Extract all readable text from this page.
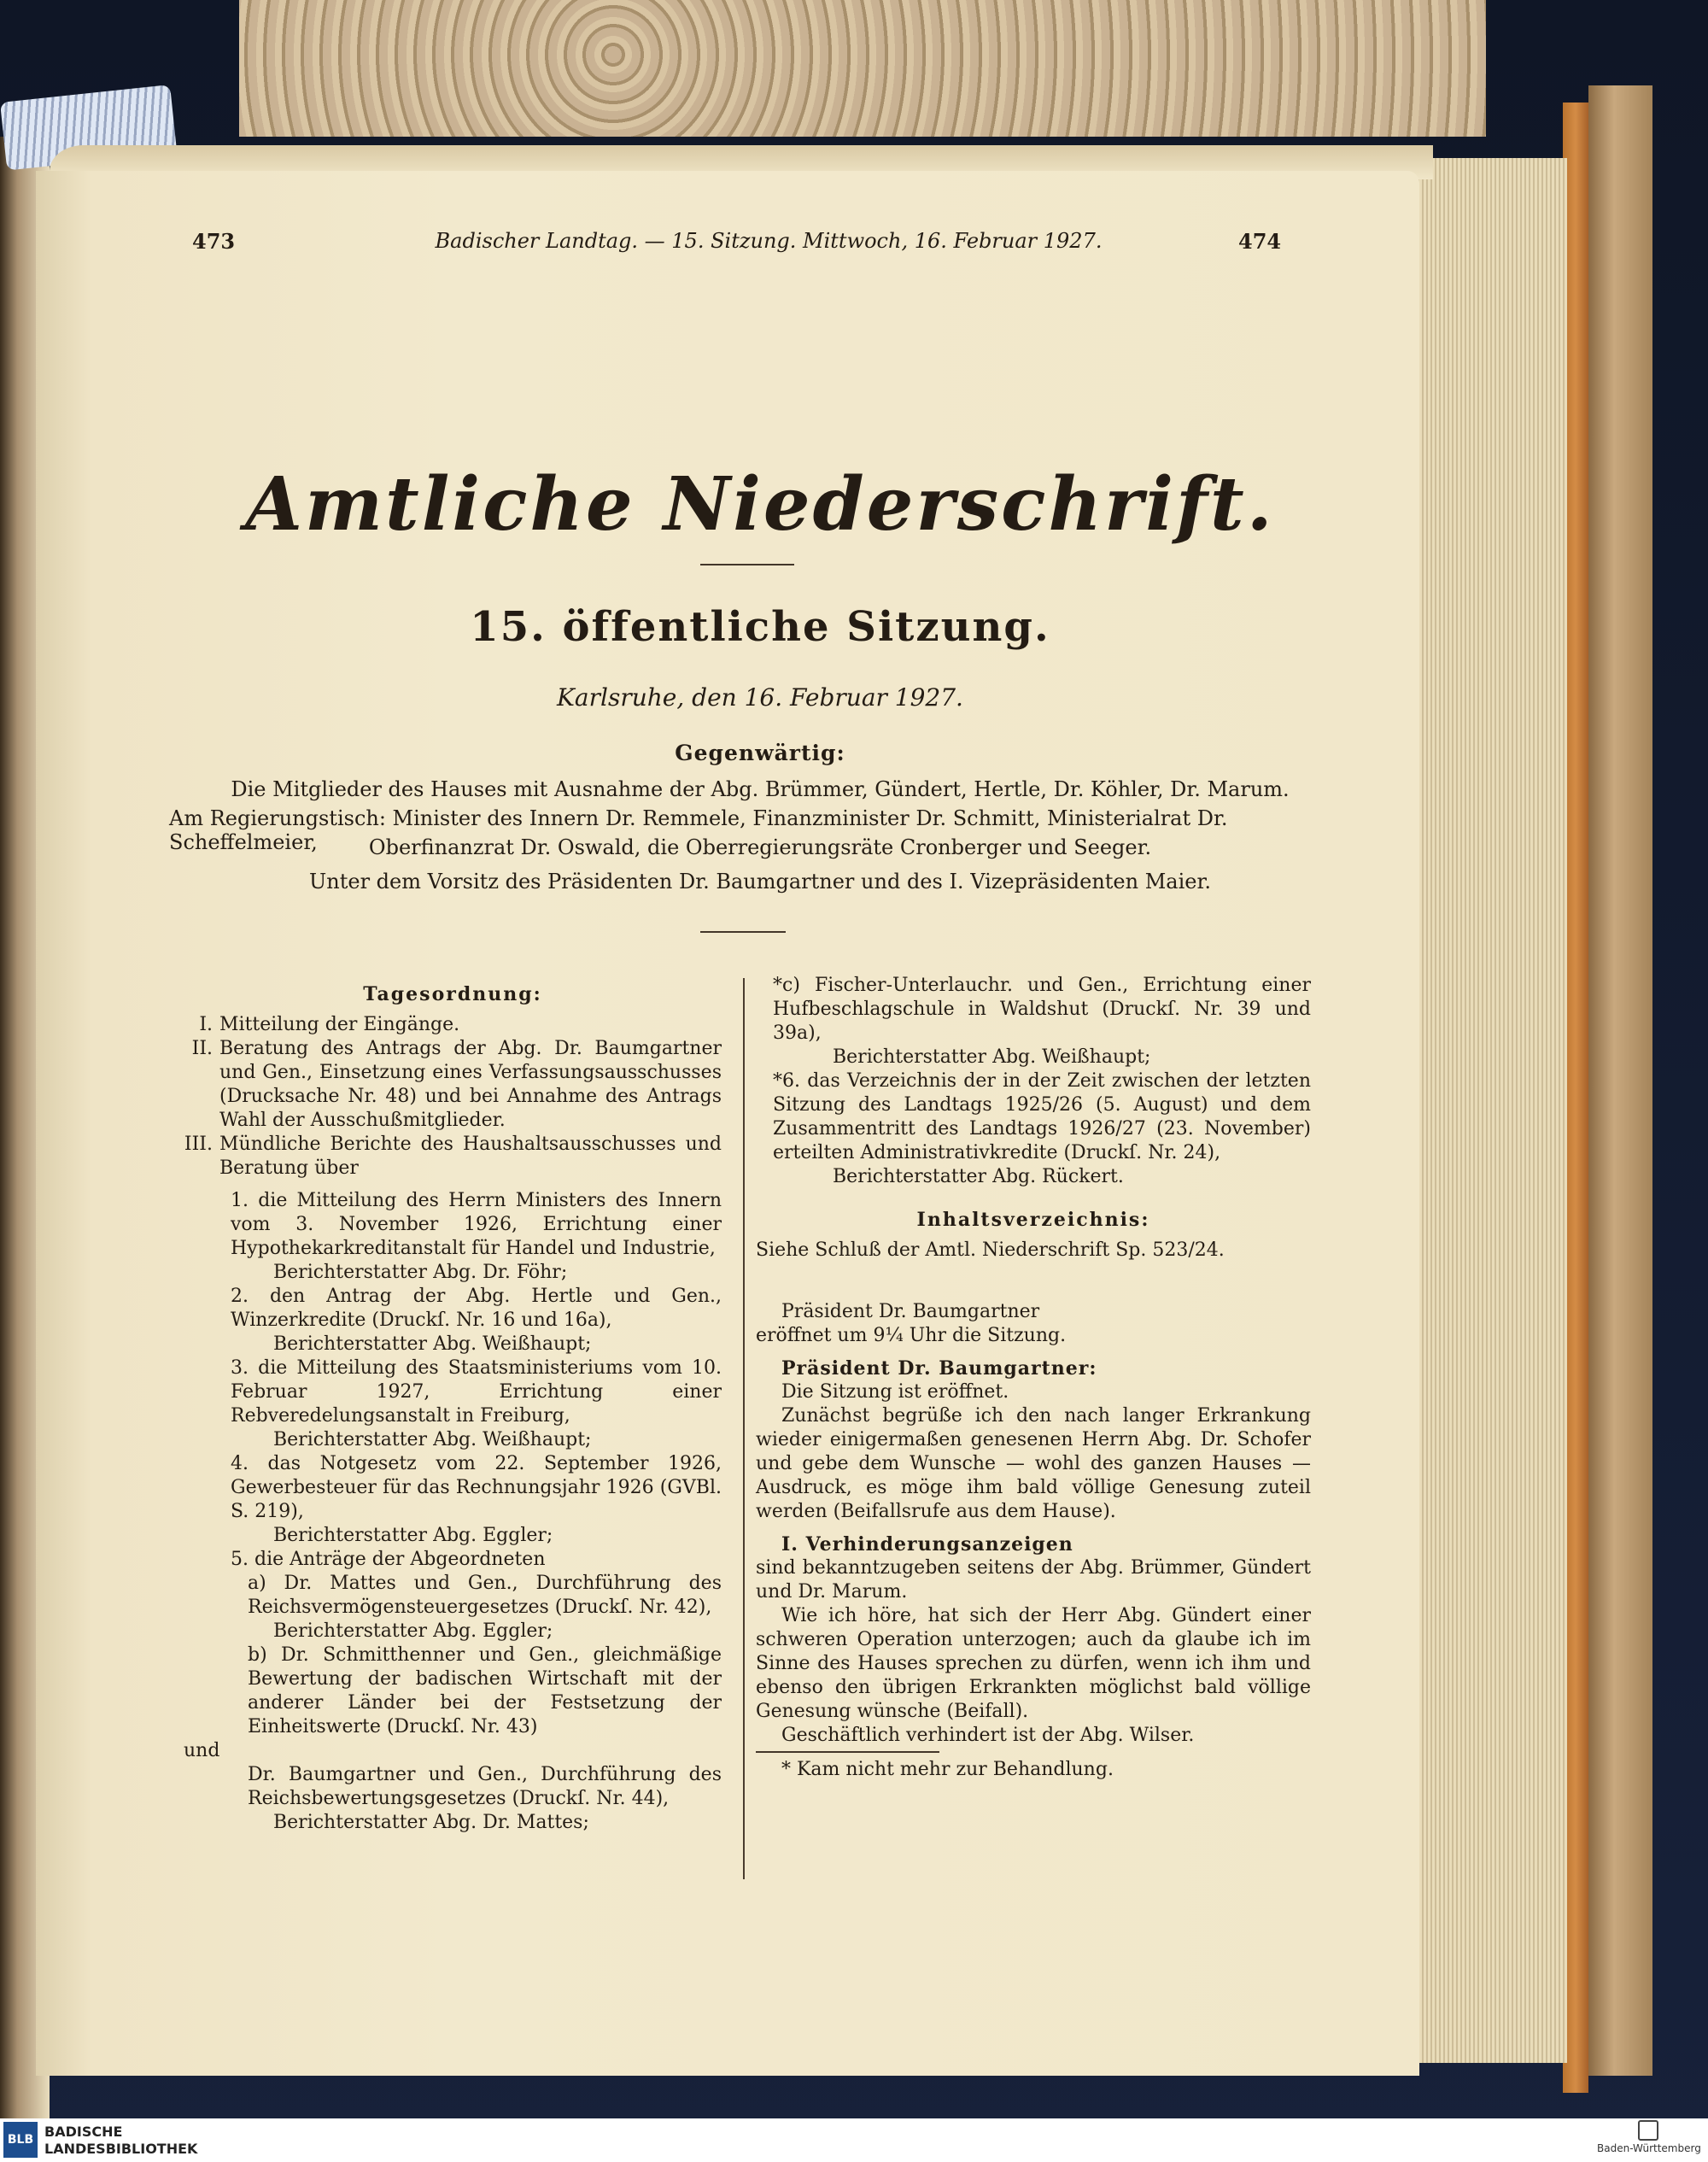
473	Badischer Landtag. — 15. Sitzung. Mittwoch, 16. Februar 1927.	474
Amtliche Niederschrift.
15. öffentliche Sitzung.
Karlsruhe, den 16. Februar 1927.
Gegenwärtig:
Die Mitglieder des Hauses mit Ausnahme der Abg. Brümmer, Gündert, Hertle, Dr. Köhler, Dr. Marum.
Am Regierungstisch: Minister des Innern Dr. Remmele, Finanzminister Dr. Schmitt, Ministerialrat Dr. Scheffelmeier,	Oberfinanzrat Dr. Oswald, die Oberregierungsräte Cronberger und Seeger.
Unter dem Vorsitz des Präsidenten Dr. Baumgartner und des I. Vizepräsidenten Maier.
Tagesordnung:
I. Mitteilung der Eingänge.
II. Beratung des Antrags der Abg. Dr. Baumgartner und Gen., Einsetzung eines Verfassungsausschusses (Drucksache Nr. 48) und bei Annahme des Antrags Wahl der Ausschußmitglieder.
III. Mündliche Berichte des Haushaltsausschusses und Beratung über

1. die Mitteilung des Herrn Ministers des Innern vom 3. November 1926, Errichtung einer Hypothekarkreditanstalt für Handel und Industrie,

Berichterstatter Abg. Dr. Föhr;

2. den Antrag der Abg. Hertle und Gen., Winzerkredite (Druckſ. Nr. 16 und 16a),

Berichterstatter Abg. Weißhaupt;

3. die Mitteilung des Staatsministeriums vom 10. Februar 1927, Errichtung einer Rebveredelungsanstalt in Freiburg,

Berichterstatter Abg. Weißhaupt;

4. das Notgesetz vom 22. September 1926, Gewerbesteuer für das Rechnungsjahr 1926 (GVBl. S. 219),

Berichterstatter Abg. Eggler;

5. die Anträge der Abgeordneten

a) Dr. Mattes und Gen., Durchführung des Reichsvermögensteuergesetzes (Druckſ. Nr. 42),

Berichterstatter Abg. Eggler;

b) Dr. Schmitthenner und Gen., gleichmäßige Bewertung der badischen Wirtschaft mit der anderer Länder bei der Festsetzung der Einheitswerte (Druckſ. Nr. 43)

und

Dr. Baumgartner und Gen., Durchführung des Reichsbewertungsgesetzes (Druckſ. Nr. 44),

Berichterstatter Abg. Dr. Mattes;

*c) Fischer-Unterlauchr. und Gen., Errichtung einer Hufbeschlagschule in Waldshut (Druckſ. Nr. 39 und 39a),

Berichterstatter Abg. Weißhaupt;

*6. das Verzeichnis der in der Zeit zwischen der letzten Sitzung des Landtags 1925/26 (5. August) und dem Zusammentritt des Landtags 1926/27 (23. November) erteilten Administrativkredite (Druckſ. Nr. 24),

Berichterstatter Abg. Rückert.

Inhaltsverzeichnis:

Siehe Schluß der Amtl. Niederschrift Sp. 523/24.

Präsident Dr. Baumgartner

eröffnet um 9¼ Uhr die Sitzung.

Präsident Dr. Baumgartner:

Die Sitzung ist eröffnet.

Zunächst begrüße ich den nach langer Erkrankung wieder einigermaßen genesenen Herrn Abg. Dr. Schofer und gebe dem Wunsche — wohl des ganzen Hauses — Ausdruck, es möge ihm bald völlige Genesung zuteil werden (Beifallsrufe aus dem Hause).

I. Verhinderungsanzeigen

sind bekanntzugeben seitens der Abg. Brümmer, Gündert und Dr. Marum.

Wie ich höre, hat sich der Herr Abg. Gündert einer schweren Operation unterzogen; auch da glaube ich im Sinne des Hauses sprechen zu dürfen, wenn ich ihm und ebenso den übrigen Erkrankten möglichst bald völlige Genesung wünsche (Beifall).

Geschäftlich verhindert ist der Abg. Wilser.

* Kam nicht mehr zur Behandlung.

BLB BADISCHE
LANDESBIBLIOTHEK	Baden-Württemberg
